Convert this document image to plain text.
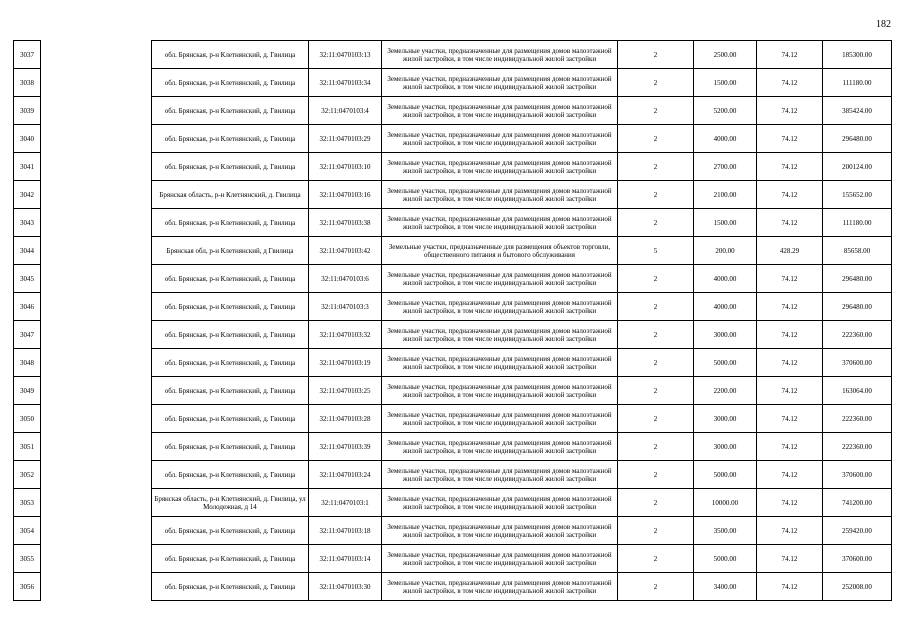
182
3037		обл. Брянская, р-н Клетнянский, д. Гвилица	32:11:0470103:13	Земельные участки, предназначенные для размещения домов малоэтажной жилой застройки, в том числе индивидуальной жилой застройки	2	2500.00	74.12	185300.00
3038		обл. Брянская, р-н Клетнянский, д. Гвилица	32:11:0470103:34	Земельные участки, предназначенные для размещения домов малоэтажной жилой застройки, в том числе индивидуальной жилой застройки	2	1500.00	74.12	111180.00
3039		обл. Брянская, р-н Клетнянский, д. Гвилица	32:11:0470103:4	Земельные участки, предназначенные для размещения домов малоэтажной жилой застройки, в том числе индивидуальной жилой застройки	2	5200.00	74.12	385424.00
3040		обл. Брянская, р-н Клетнянский, д. Гвилица	32:11:0470103:29	Земельные участки, предназначенные для размещения домов малоэтажной жилой застройки, в том числе индивидуальной жилой застройки	2	4000.00	74.12	296480.00
3041		обл. Брянская, р-н Клетнянский, д. Гвилица	32:11:0470103:10	Земельные участки, предназначенные для размещения домов малоэтажной жилой застройки, в том числе индивидуальной жилой застройки	2	2700.00	74.12	200124.00
3042		Брянская область, р-н Клетнянский, д. Гвилица	32:11:0470103:16	Земельные участки, предназначенные для размещения домов малоэтажной жилой застройки, в том числе индивидуальной жилой застройки	2	2100.00	74.12	155652.00
3043		обл. Брянская, р-н Клетнянский, д. Гвилица	32:11:0470103:38	Земельные участки, предназначенные для размещения домов малоэтажной жилой застройки, в том числе индивидуальной жилой застройки	2	1500.00	74.12	111180.00
3044		Брянская обл, р-н Клетнянский, д Гвилица	32:11:0470103:42	Земельные участки, предназначенные для размещения объектов торговли, общественного питания и бытового обслуживания	5	200.00	428.29	85658.00
3045		обл. Брянская, р-н Клетнянский, д. Гвилица	32:11:0470103:6	Земельные участки, предназначенные для размещения домов малоэтажной жилой застройки, в том числе индивидуальной жилой застройки	2	4000.00	74.12	296480.00
3046		обл. Брянская, р-н Клетнянский, д. Гвилица	32:11:0470103:3	Земельные участки, предназначенные для размещения домов малоэтажной жилой застройки, в том числе индивидуальной жилой застройки	2	4000.00	74.12	296480.00
3047		обл. Брянская, р-н Клетнянский, д. Гвилица	32:11:0470103:32	Земельные участки, предназначенные для размещения домов малоэтажной жилой застройки, в том числе индивидуальной жилой застройки	2	3000.00	74.12	222360.00
3048		обл. Брянская, р-н Клетнянский, д. Гвилица	32:11:0470103:19	Земельные участки, предназначенные для размещения домов малоэтажной жилой застройки, в том числе индивидуальной жилой застройки	2	5000.00	74.12	370600.00
3049		обл. Брянская, р-н Клетнянский, д. Гвилица	32:11:0470103:25	Земельные участки, предназначенные для размещения домов малоэтажной жилой застройки, в том числе индивидуальной жилой застройки	2	2200.00	74.12	163064.00
3050		обл. Брянская, р-н Клетнянский, д. Гвилица	32:11:0470103:28	Земельные участки, предназначенные для размещения домов малоэтажной жилой застройки, в том числе индивидуальной жилой застройки	2	3000.00	74.12	222360.00
3051		обл. Брянская, р-н Клетнянский, д. Гвилица	32:11:0470103:39	Земельные участки, предназначенные для размещения домов малоэтажной жилой застройки, в том числе индивидуальной жилой застройки	2	3000.00	74.12	222360.00
3052		обл. Брянская, р-н Клетнянский, д. Гвилица	32:11:0470103:24	Земельные участки, предназначенные для размещения домов малоэтажной жилой застройки, в том числе индивидуальной жилой застройки	2	5000.00	74.12	370600.00
3053		Брянская область, р-н Клетнянский, д. Гвилица, ул Молодежная, д 14	32:11:0470103:1	Земельные участки, предназначенные для размещения домов малоэтажной жилой застройки, в том числе индивидуальной жилой застройки	2	10000.00	74.12	741200.00
3054		обл. Брянская, р-н Клетнянский, д. Гвилица	32:11:0470103:18	Земельные участки, предназначенные для размещения домов малоэтажной жилой застройки, в том числе индивидуальной жилой застройки	2	3500.00	74.12	259420.00
3055		обл. Брянская, р-н Клетнянский, д. Гвилица	32:11:0470103:14	Земельные участки, предназначенные для размещения домов малоэтажной жилой застройки, в том числе индивидуальной жилой застройки	2	5000.00	74.12	370600.00
3056		обл. Брянская, р-н Клетнянский, д. Гвилица	32:11:0470103:30	Земельные участки, предназначенные для размещения домов малоэтажной жилой застройки, в том числе индивидуальной жилой застройки	2	3400.00	74.12	252008.00
